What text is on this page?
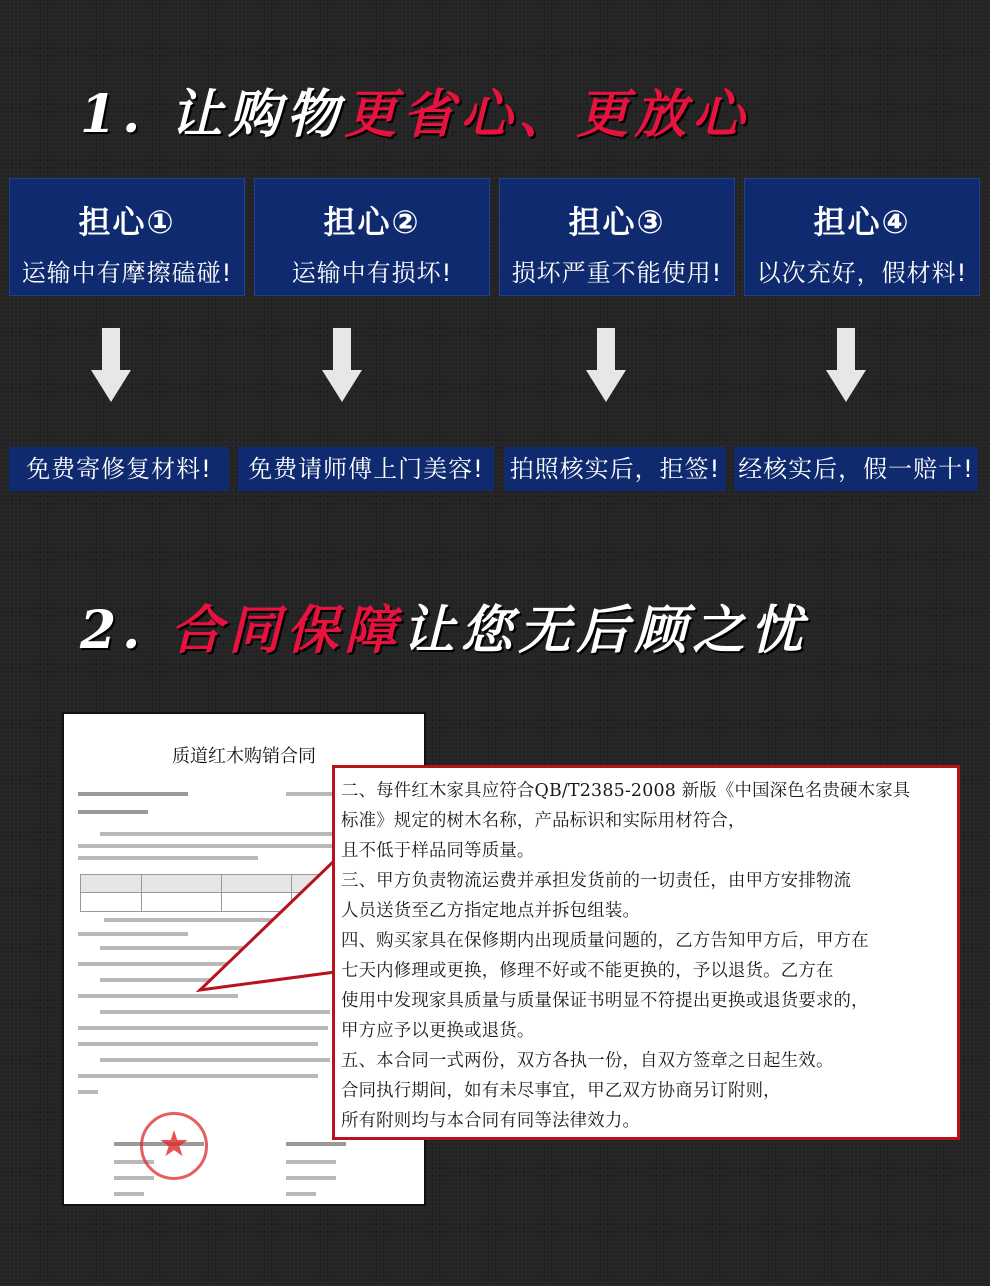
1. 让购物更省心、更放心
担心①
运输中有摩擦磕碰!
担心②
运输中有损坏!
担心③
损坏严重不能使用!
担心④
以次充好，假材料!
免费寄修复材料!	免费请师傅上门美容!	拍照核实后，拒签! 经核实后，假一赔十!
2. 合同保障让您无后顾之忧
质道红木购销合同
★

二、每件红木家具应符合QB/T2385-2008 新版《中国深色名贵硬木家具

标准》规定的树木名称，产品标识和实际用材符合，

且不低于样品同等质量。

三、甲方负责物流运费并承担发货前的一切责任，由甲方安排物流

人员送货至乙方指定地点并拆包组装。

四、购买家具在保修期内出现质量问题的，乙方告知甲方后，甲方在

七天内修理或更换，修理不好或不能更换的，予以退货。乙方在

使用中发现家具质量与质量保证书明显不符提出更换或退货要求的，

甲方应予以更换或退货。

五、本合同一式两份，双方各执一份，自双方签章之日起生效。

合同执行期间，如有未尽事宜，甲乙双方协商另订附则，

所有附则均与本合同有同等法律效力。
